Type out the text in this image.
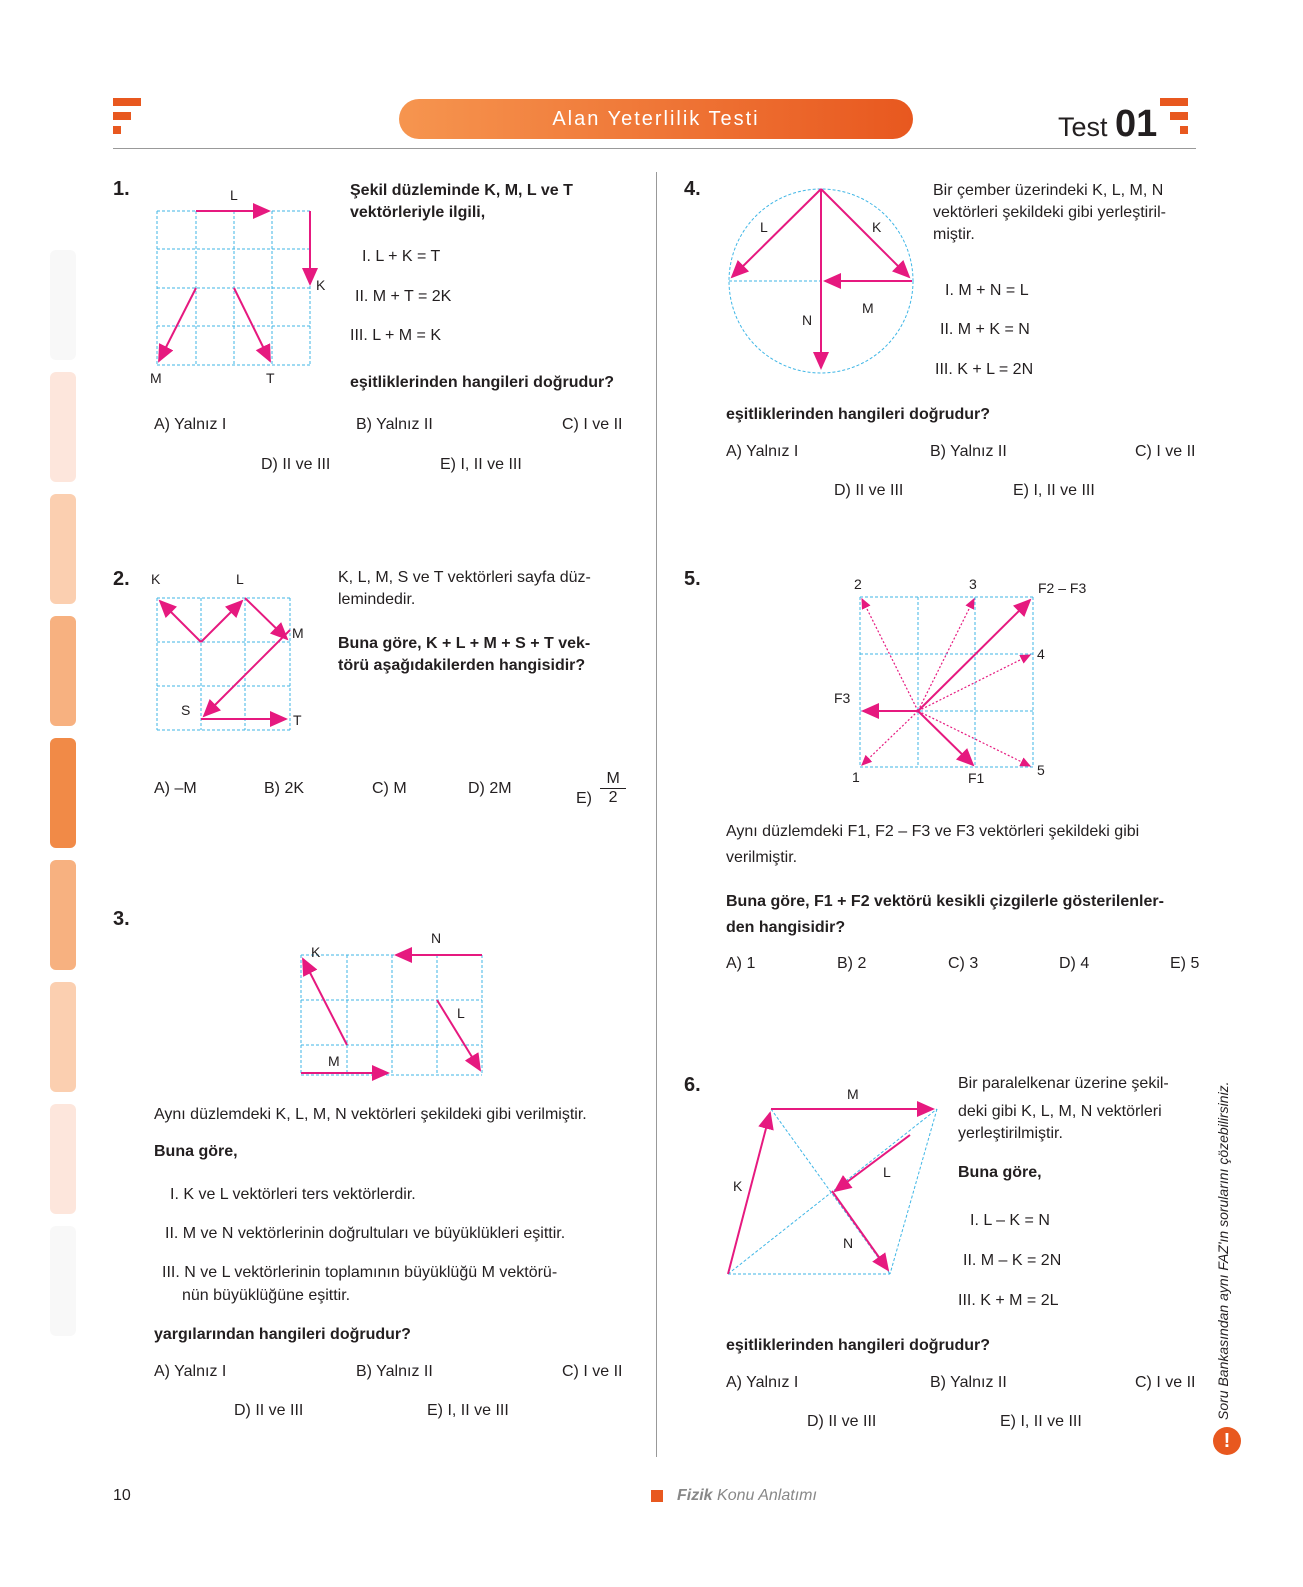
Alan Yeterlilik Testi	Test 01
1.	L
K
M	T
Şekil düzleminde K, M, L ve T
vektörleriyle ilgili,
I. L + K = T
II. M + T = 2K
III. L + M = K
eşitliklerinden hangileri doğrudur?
A) Yalnız I	B) Yalnız II	C) I ve II
D) II ve III	E) I, II ve III
2. K	L
M
S
T
K, L, M, S ve T vektörleri sayfa düz-
lemindedir.
Buna göre, K + L + M + S + T vek-
törü aşağıdakilerden hangisidir?
A) –M	B) 2K	C) M	D) 2M
$E) \frac{M}{2}$
3.
K
N
L
M
Aynı düzlemdeki K, L, M, N vektörleri şekildeki gibi verilmiştir.
Buna göre,
I. K ve L vektörleri ters vektörlerdir.
II. M ve N vektörlerinin doğrultuları ve büyüklükleri eşittir.
III. N ve L vektörlerinin toplamının büyüklüğü M vektörü-
nün büyüklüğüne eşittir.
yargılarından hangileri doğrudur?
A) Yalnız I	B) Yalnız II	C) I ve II
D) II ve III	E) I, II ve III
4.
L	K
N
M
Bir çember üzerindeki K, L, M, N
vektörleri şekildeki gibi yerleştiril-
miştir.
I. M + N = L
II. M + K = N
III. K + L = 2N
eşitliklerinden hangileri doğrudur?
A) Yalnız I	B) Yalnız II	C) I ve II
D) II ve III	E) I, II ve III
5.	2	3
4
5
1
F2 – F3
F3
F1
Aynı düzlemdeki F1, F2 – F3 ve F3 vektörleri şekildeki gibi
verilmiştir.
Buna göre, F1 + F2 vektörü kesikli çizgilerle gösterilenler-
den hangisidir?
A) 1	B) 2	C) 3	D) 4	E) 5
6.	M
K
L
N
Bir paralelkenar üzerine şekil-
deki gibi K, L, M, N vektörleri
yerleştirilmiştir.
Buna göre,
I. L – K = N
II. M – K = 2N
III. K + M = 2L
eşitliklerinden hangileri doğrudur?
A) Yalnız I	B) Yalnız II	C) I ve II
D) II ve III	E) I, II ve III
Soru Bankasından aynı FAZ'ın sorularını çözebilirsiniz.
!
10	Fizik Konu Anlatımı
